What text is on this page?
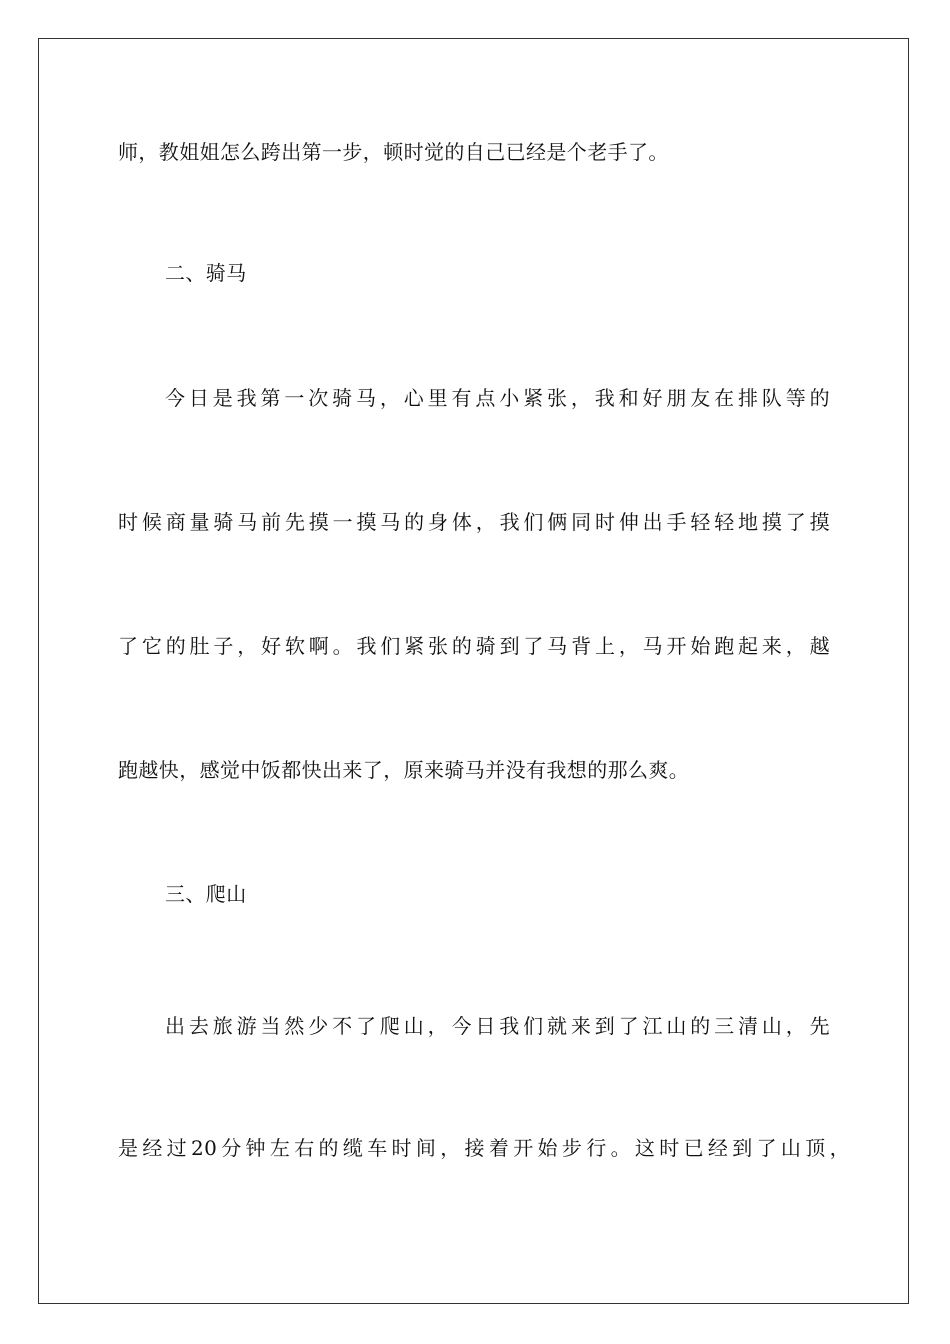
师，教姐姐怎么跨出第一步，顿时觉的自己已经是个老手了。
二、骑马
今日是我第一次骑马，心里有点小紧张，我和好朋友在排队等的
时候商量骑马前先摸一摸马的身体，我们俩同时伸出手轻轻地摸了摸
了它的肚子，好软啊。我们紧张的骑到了马背上，马开始跑起来，越
跑越快，感觉中饭都快出来了，原来骑马并没有我想的那么爽。
三、爬山
出去旅游当然少不了爬山，今日我们就来到了江山的三清山，先
是经过20分钟左右的缆车时间，接着开始步行。这时已经到了山顶，
